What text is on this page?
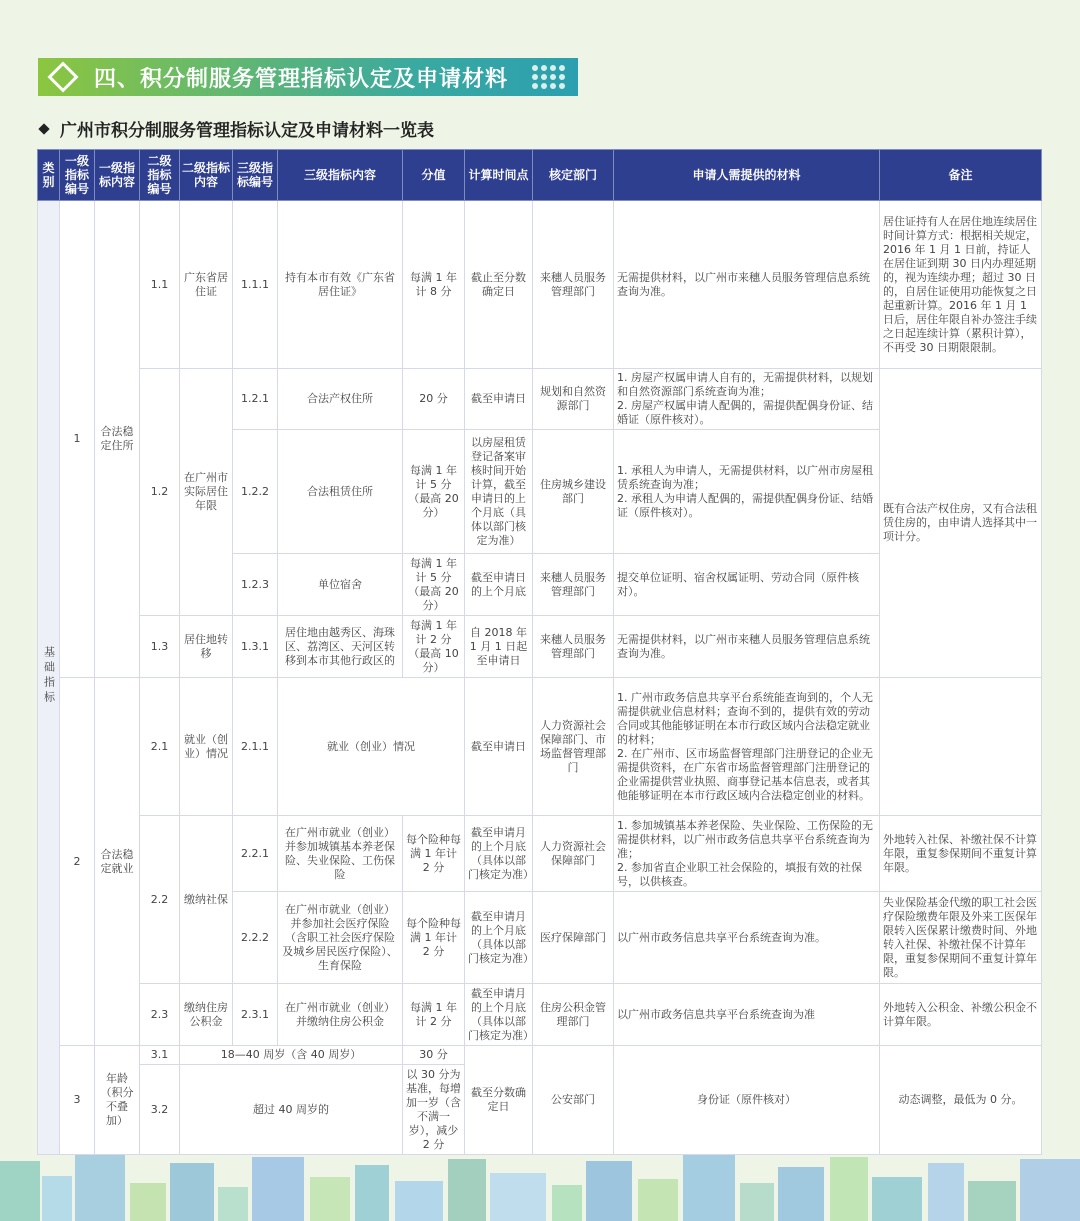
四、积分制服务管理指标认定及申请材料
广州市积分制服务管理指标认定及申请材料一览表
类别	一级指标编号	一级指标内容	二级指标编号	二级指标内容	三级指标编号	三级指标内容	分值	计算时间点	核定部门	申请人需提供的材料	备注
基础指标	1	合法稳定住所	1.1	广东省居住证	1.1.1	持有本市有效《广东省居住证》	每满 1 年计 8 分	截止至分数确定日	来穗人员服务管理部门	无需提供材料，以广州市来穗人员服务管理信息系统查询为准。	居住证持有人在居住地连续居住时间计算方式：根据相关规定，2016 年 1 月 1 日前，持证人在居住证到期 30 日内办理延期的，视为连续办理；超过 30 日的，自居住证使用功能恢复之日起重新计算。2016 年 1 月 1 日后，居住年限自补办签注手续之日起连续计算（累积计算），不再受 30 日期限限制。
			1.2	在广州市实际居住年限	1.2.1	合法产权住所	20 分	截至申请日	规划和自然资源部门	1. 房屋产权属申请人自有的，无需提供材料，以规划和自然资源部门系统查询为准；
2. 房屋产权属申请人配偶的，需提供配偶身份证、结婚证（原件核对）。	既有合法产权住房，又有合法租赁住房的，由申请人选择其中一项计分。
					1.2.2	合法租赁住所	每满 1 年计 5 分（最高 20 分）	以房屋租赁登记备案审核时间开始计算，截至申请日的上个月底（具体以部门核定为准）	住房城乡建设部门	1. 承租人为申请人，无需提供材料，以广州市房屋租赁系统查询为准；
2. 承租人为申请人配偶的，需提供配偶身份证、结婚证（原件核对）。	
					1.2.3	单位宿舍	每满 1 年计 5 分（最高 20 分）	截至申请日的上个月底	来穗人员服务管理部门	提交单位证明、宿舍权属证明、劳动合同（原件核对）。	
			1.3	居住地转移	1.3.1	居住地由越秀区、海珠区、荔湾区、天河区转移到本市其他行政区的	每满 1 年计 2 分（最高 10 分）	自 2018 年 1 月 1 日起至申请日	来穗人员服务管理部门	无需提供材料，以广州市来穗人员服务管理信息系统查询为准。	
	2	合法稳定就业	2.1	就业（创业）情况	2.1.1	就业（创业）情况		截至申请日	人力资源社会保障部门、市场监督管理部门	1. 广州市政务信息共享平台系统能查询到的，个人无需提供就业信息材料；查询不到的，提供有效的劳动合同或其他能够证明在本市行政区域内合法稳定就业的材料；
2. 在广州市、区市场监督管理部门注册登记的企业无需提供资料，在广东省市场监督管理部门注册登记的企业需提供营业执照、商事登记基本信息表，或者其他能够证明在本市行政区域内合法稳定创业的材料。	
			2.2	缴纳社保	2.2.1	在广州市就业（创业）并参加城镇基本养老保险、失业保险、工伤保险	每个险种每满 1 年计 2 分	截至申请月的上个月底（具体以部门核定为准）	人力资源社会保障部门	1. 参加城镇基本养老保险、失业保险、工伤保险的无需提供材料，以广州市政务信息共享平台系统查询为准；
2. 参加省直企业职工社会保险的，填报有效的社保号，以供核查。	外地转入社保、补缴社保不计算年限，重复参保期间不重复计算年限。
					2.2.2	在广州市就业（创业）并参加社会医疗保险（含职工社会医疗保险及城乡居民医疗保险）、生育保险	每个险种每满 1 年计 2 分	截至申请月的上个月底（具体以部门核定为准）	医疗保障部门	以广州市政务信息共享平台系统查询为准。	失业保险基金代缴的职工社会医疗保险缴费年限及外来工医保年限转入医保累计缴费时间、外地转入社保、补缴社保不计算年限，重复参保期间不重复计算年限。
			2.3	缴纳住房公积金	2.3.1	在广州市就业（创业）并缴纳住房公积金	每满 1 年计 2 分	截至申请月的上个月底（具体以部门核定为准）	住房公积金管理部门	以广州市政务信息共享平台系统查询为准	外地转入公积金、补缴公积金不计算年限。
	3	年龄（积分不叠加）	3.1	18—40 周岁（含 40 周岁）			30 分	截至分数确定日	公安部门	身份证（原件核对）	动态调整，最低为 0 分。
			3.2	超过 40 周岁的			以 30 分为基准，每增加一岁（含不满一岁），减少 2 分				
